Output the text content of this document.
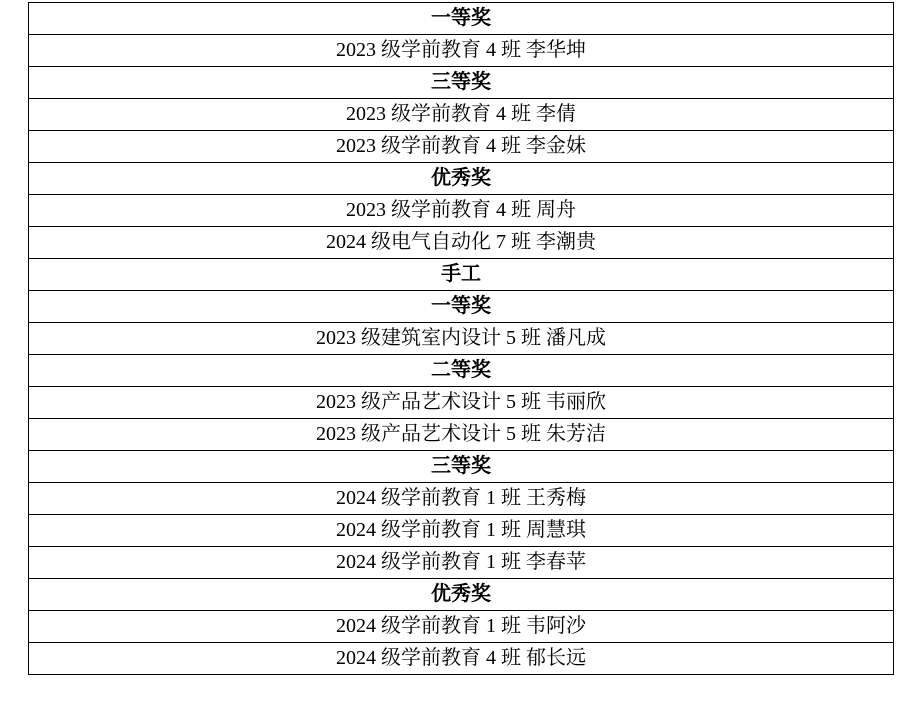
一等奖
2023 级学前教育 4 班 李华坤
三等奖
2023 级学前教育 4 班 李倩
2023 级学前教育 4 班 李金妹
优秀奖
2023 级学前教育 4 班 周舟
2024 级电气自动化 7 班 李潮贵
手工
一等奖
2023 级建筑室内设计 5 班 潘凡成
二等奖
2023 级产品艺术设计 5 班 韦丽欣
2023 级产品艺术设计 5 班 朱芳洁
三等奖
2024 级学前教育 1 班 王秀梅
2024 级学前教育 1 班 周慧琪
2024 级学前教育 1 班 李春苹
优秀奖
2024 级学前教育 1 班 韦阿沙
2024 级学前教育 4 班 郁长远
